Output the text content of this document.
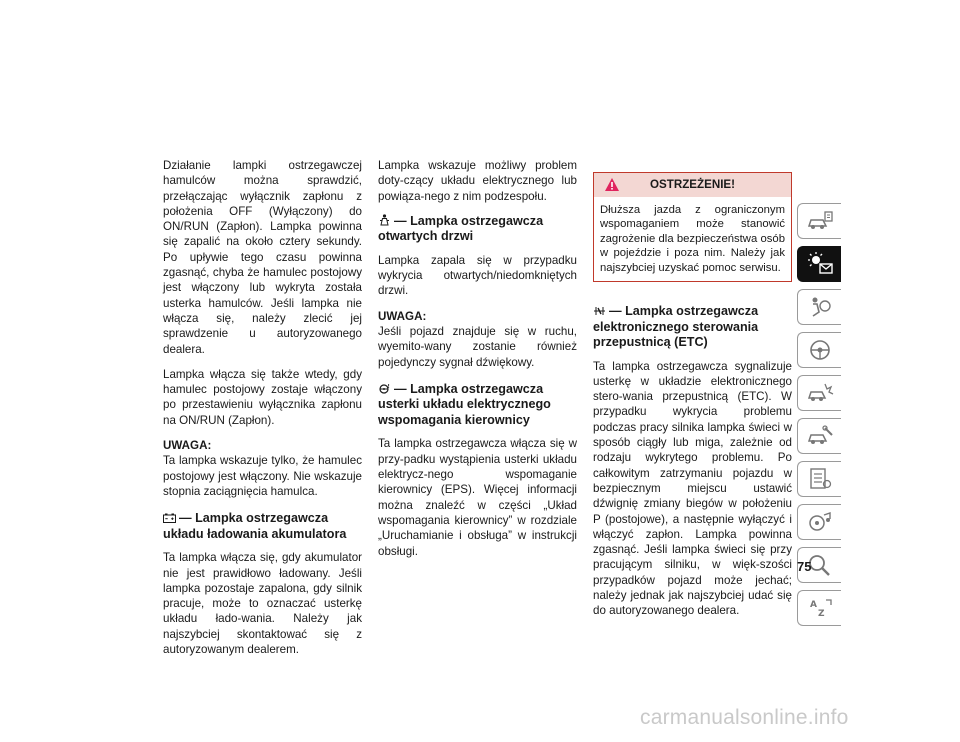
Działanie lampki ostrzegawczej hamulców można sprawdzić, przełączając wyłącznik zapłonu z położenia OFF (Wyłączony) do ON/RUN (Zapłon). Lampka powinna się zapalić na około cztery sekundy. Po upływie tego czasu powinna zgasnąć, chyba że hamulec postojowy jest włączony lub wykryta została usterka hamulców. Jeśli lampka nie włącza się, należy zlecić jej sprawdzenie u autoryzowanego dealera.

Lampka włącza się także wtedy, gdy hamulec postojowy zostaje włączony po przestawieniu wyłącznika zapłonu na ON/RUN (Zapłon).

UWAGA:

Ta lampka wskazuje tylko, że hamulec postojowy jest włączony. Nie wskazuje stopnia zaciągnięcia hamulca.

— Lampka ostrzegawcza układu ładowania akumulatora

Ta lampka włącza się, gdy akumulator nie jest prawidłowo ładowany. Jeśli lampka pozostaje zapalona, gdy silnik pracuje, może to oznaczać usterkę układu łado-wania. Należy jak najszybciej skontaktować się z autoryzowanym dealerem.

Lampka wskazuje możliwy problem doty-czący układu elektrycznego lub powiąza-nego z nim podzespołu.

— Lampka ostrzegawcza otwartych drzwi

Lampka zapala się w przypadku wykrycia otwartych/niedomkniętych drzwi.

UWAGA:

Jeśli pojazd znajduje się w ruchu, wyemito-wany zostanie również pojedynczy sygnał dźwiękowy.

! — Lampka ostrzegawcza usterki układu elektrycznego wspomagania kierownicy

Ta lampka ostrzegawcza włącza się w przy-padku wystąpienia usterki układu elektrycz-nego wspomaganie kierownicy (EPS). Więcej informacji można znaleźć w części „Układ wspomagania kierownicy” w rozdziale „Uruchamianie i obsługa” w instrukcji obsługi.

OSTRZEŻENIE!
Dłuższa jazda z ograniczonym wspomaganiem może stanowić zagrożenie dla bezpieczeństwa osób w pojeździe i poza nim. Należy jak najszybciej uzyskać pomoc serwisu.
— Lampka ostrzegawcza elektronicznego sterowania przepustnicą (ETC)

Ta lampka ostrzegawcza sygnalizuje usterkę w układzie elektronicznego stero-wania przepustnicą (ETC). W przypadku wykrycia problemu podczas pracy silnika lampka świeci w sposób ciągły lub miga, zależnie od rodzaju wykrytego problemu. Po całkowitym zatrzymaniu pojazdu w bezpiecznym miejscu ustawić dźwignię zmiany biegów w położeniu P (postojowe), a następnie wyłączyć i włączyć zapłon. Lampka powinna zgasnąć. Jeśli lampka świeci się przy pracującym silniku, w więk-szości przypadków pojazd może jechać; należy jednak jak najszybciej udać się do autoryzowanego dealera.	A
Z
75
carmanualsonline.info
